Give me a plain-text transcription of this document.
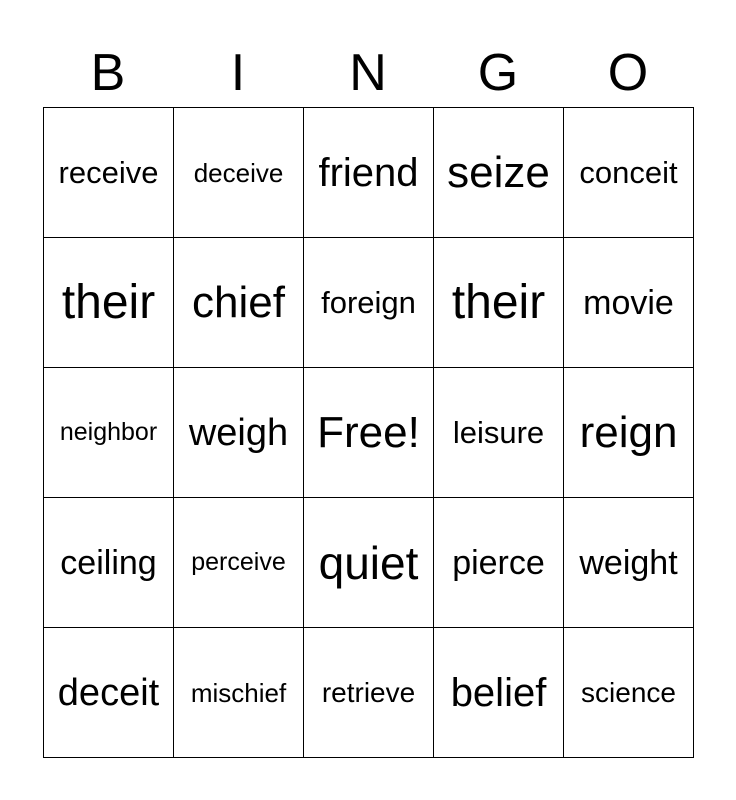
B	I	N	G	O
receive deceive friend seize conceit
their chief foreign their movie
neighbor weigh Free! leisure reign
ceiling perceive quiet pierce weight
deceit mischief retrieve belief science
